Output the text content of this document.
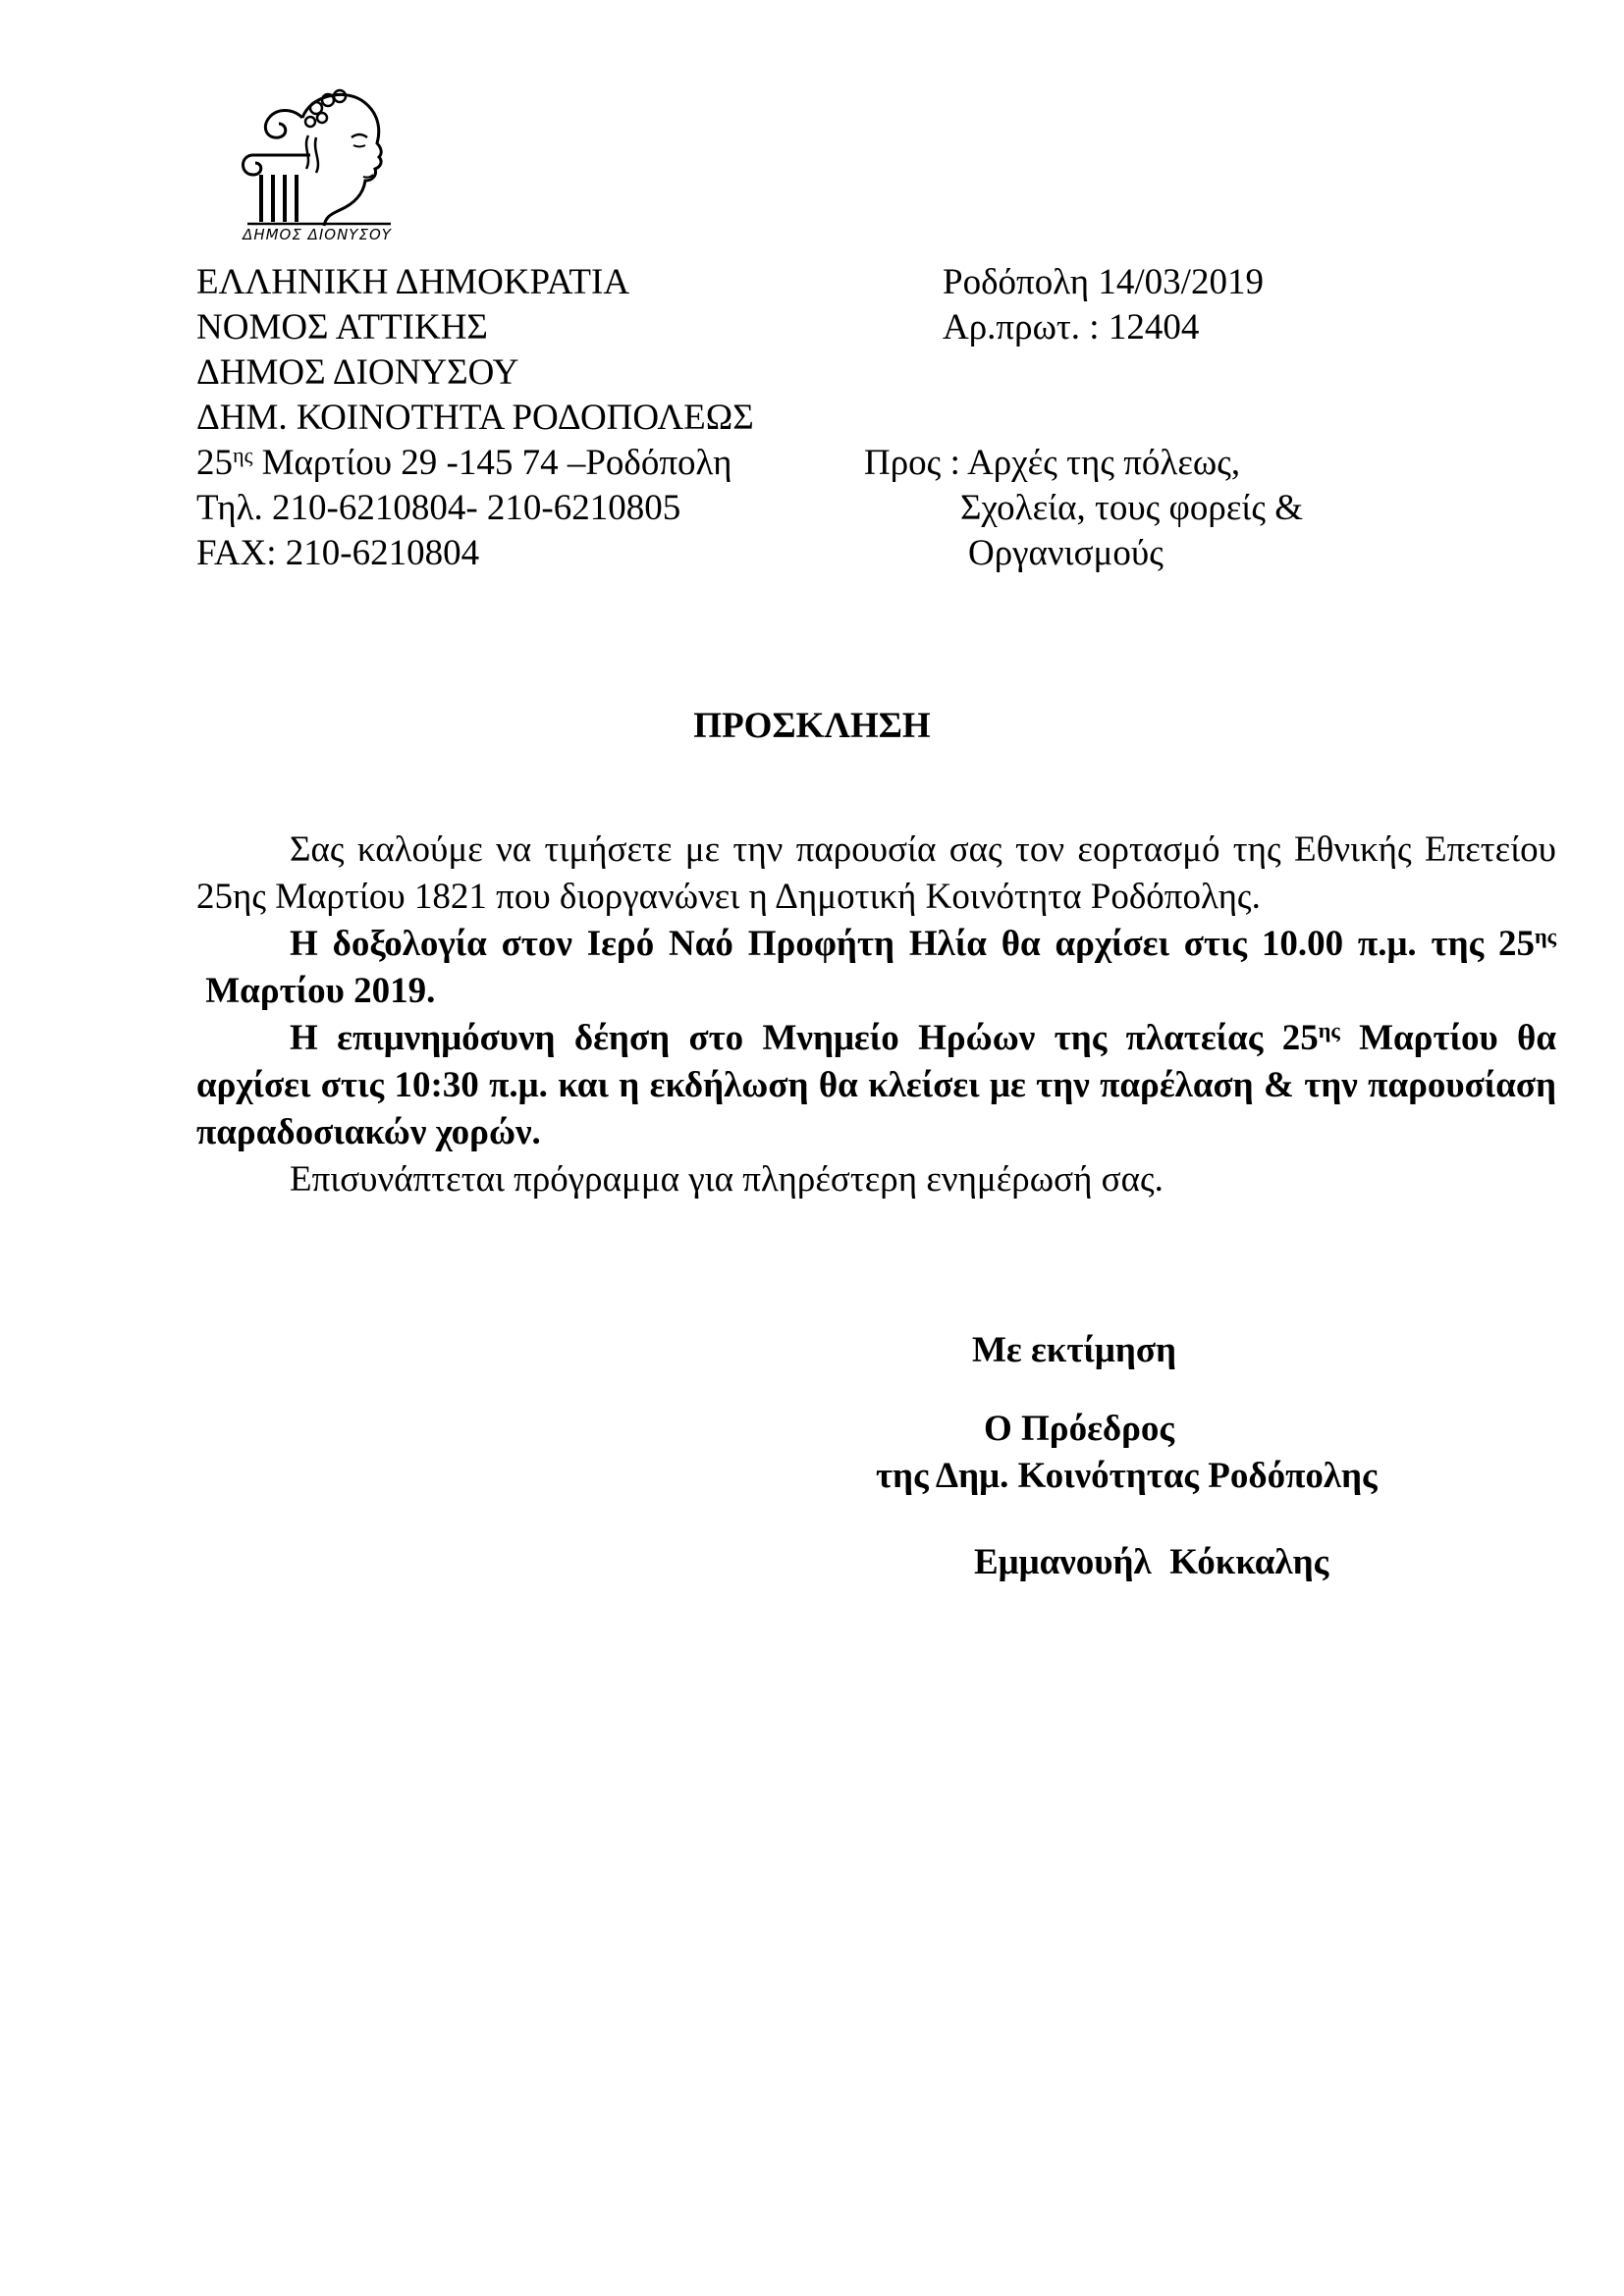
ΔΗΜΟΣ ΔΙΟΝΥΣΟΥ
ΕΛΛΗΝΙΚΗ ΔΗΜΟΚΡΑΤΙΑ
ΝΟΜΟΣ ΑΤΤΙΚΗΣ
ΔΗΜΟΣ ΔΙΟΝΥΣΟΥ
ΔΗΜ. ΚΟΙΝΟΤΗΤΑ ΡΟΔΟΠΟΛΕΩΣ
$25^{\eta\varsigma}$ Μαρτίου 29 -145 74 –Ροδόπολη
Τηλ. 210-6210804- 210-6210805
FAX: 210-6210804
Ροδόπολη 14/03/2019
Αρ.πρωτ. : 12404
Προς : Αρχές της πόλεως,
Σχολεία, τους φορείς &
Οργανισμούς
ΠΡΟΣΚΛΗΣΗ
Σας καλούμε να τιμήσετε με την παρουσία σας τον εορτασμό της Εθνικής Επετείου 25ης Μαρτίου 1821 που διοργανώνει η Δημοτική Κοινότητα Ροδόπολης.
Η δοξολογία στον Ιερό Ναό Προφήτη Ηλία θα αρχίσει στις 10.00 π.μ. της $25^{\eta\varsigma}$ Μαρτίου 2019.
Η επιμνημόσυνη δέηση στο Μνημείο Ηρώων της πλατείας $25^{\eta\varsigma}$ Μαρτίου θα αρχίσει στις 10:30 π.μ. και η εκδήλωση θα κλείσει με την παρέλαση & την παρουσίαση παραδοσιακών χορών.
Επισυνάπτεται πρόγραμμα για πληρέστερη ενημέρωσή σας.
Με εκτίμηση
Ο Πρόεδρος
της Δημ. Κοινότητας Ροδόπολης
Εμμανουήλ  Κόκκαλης
